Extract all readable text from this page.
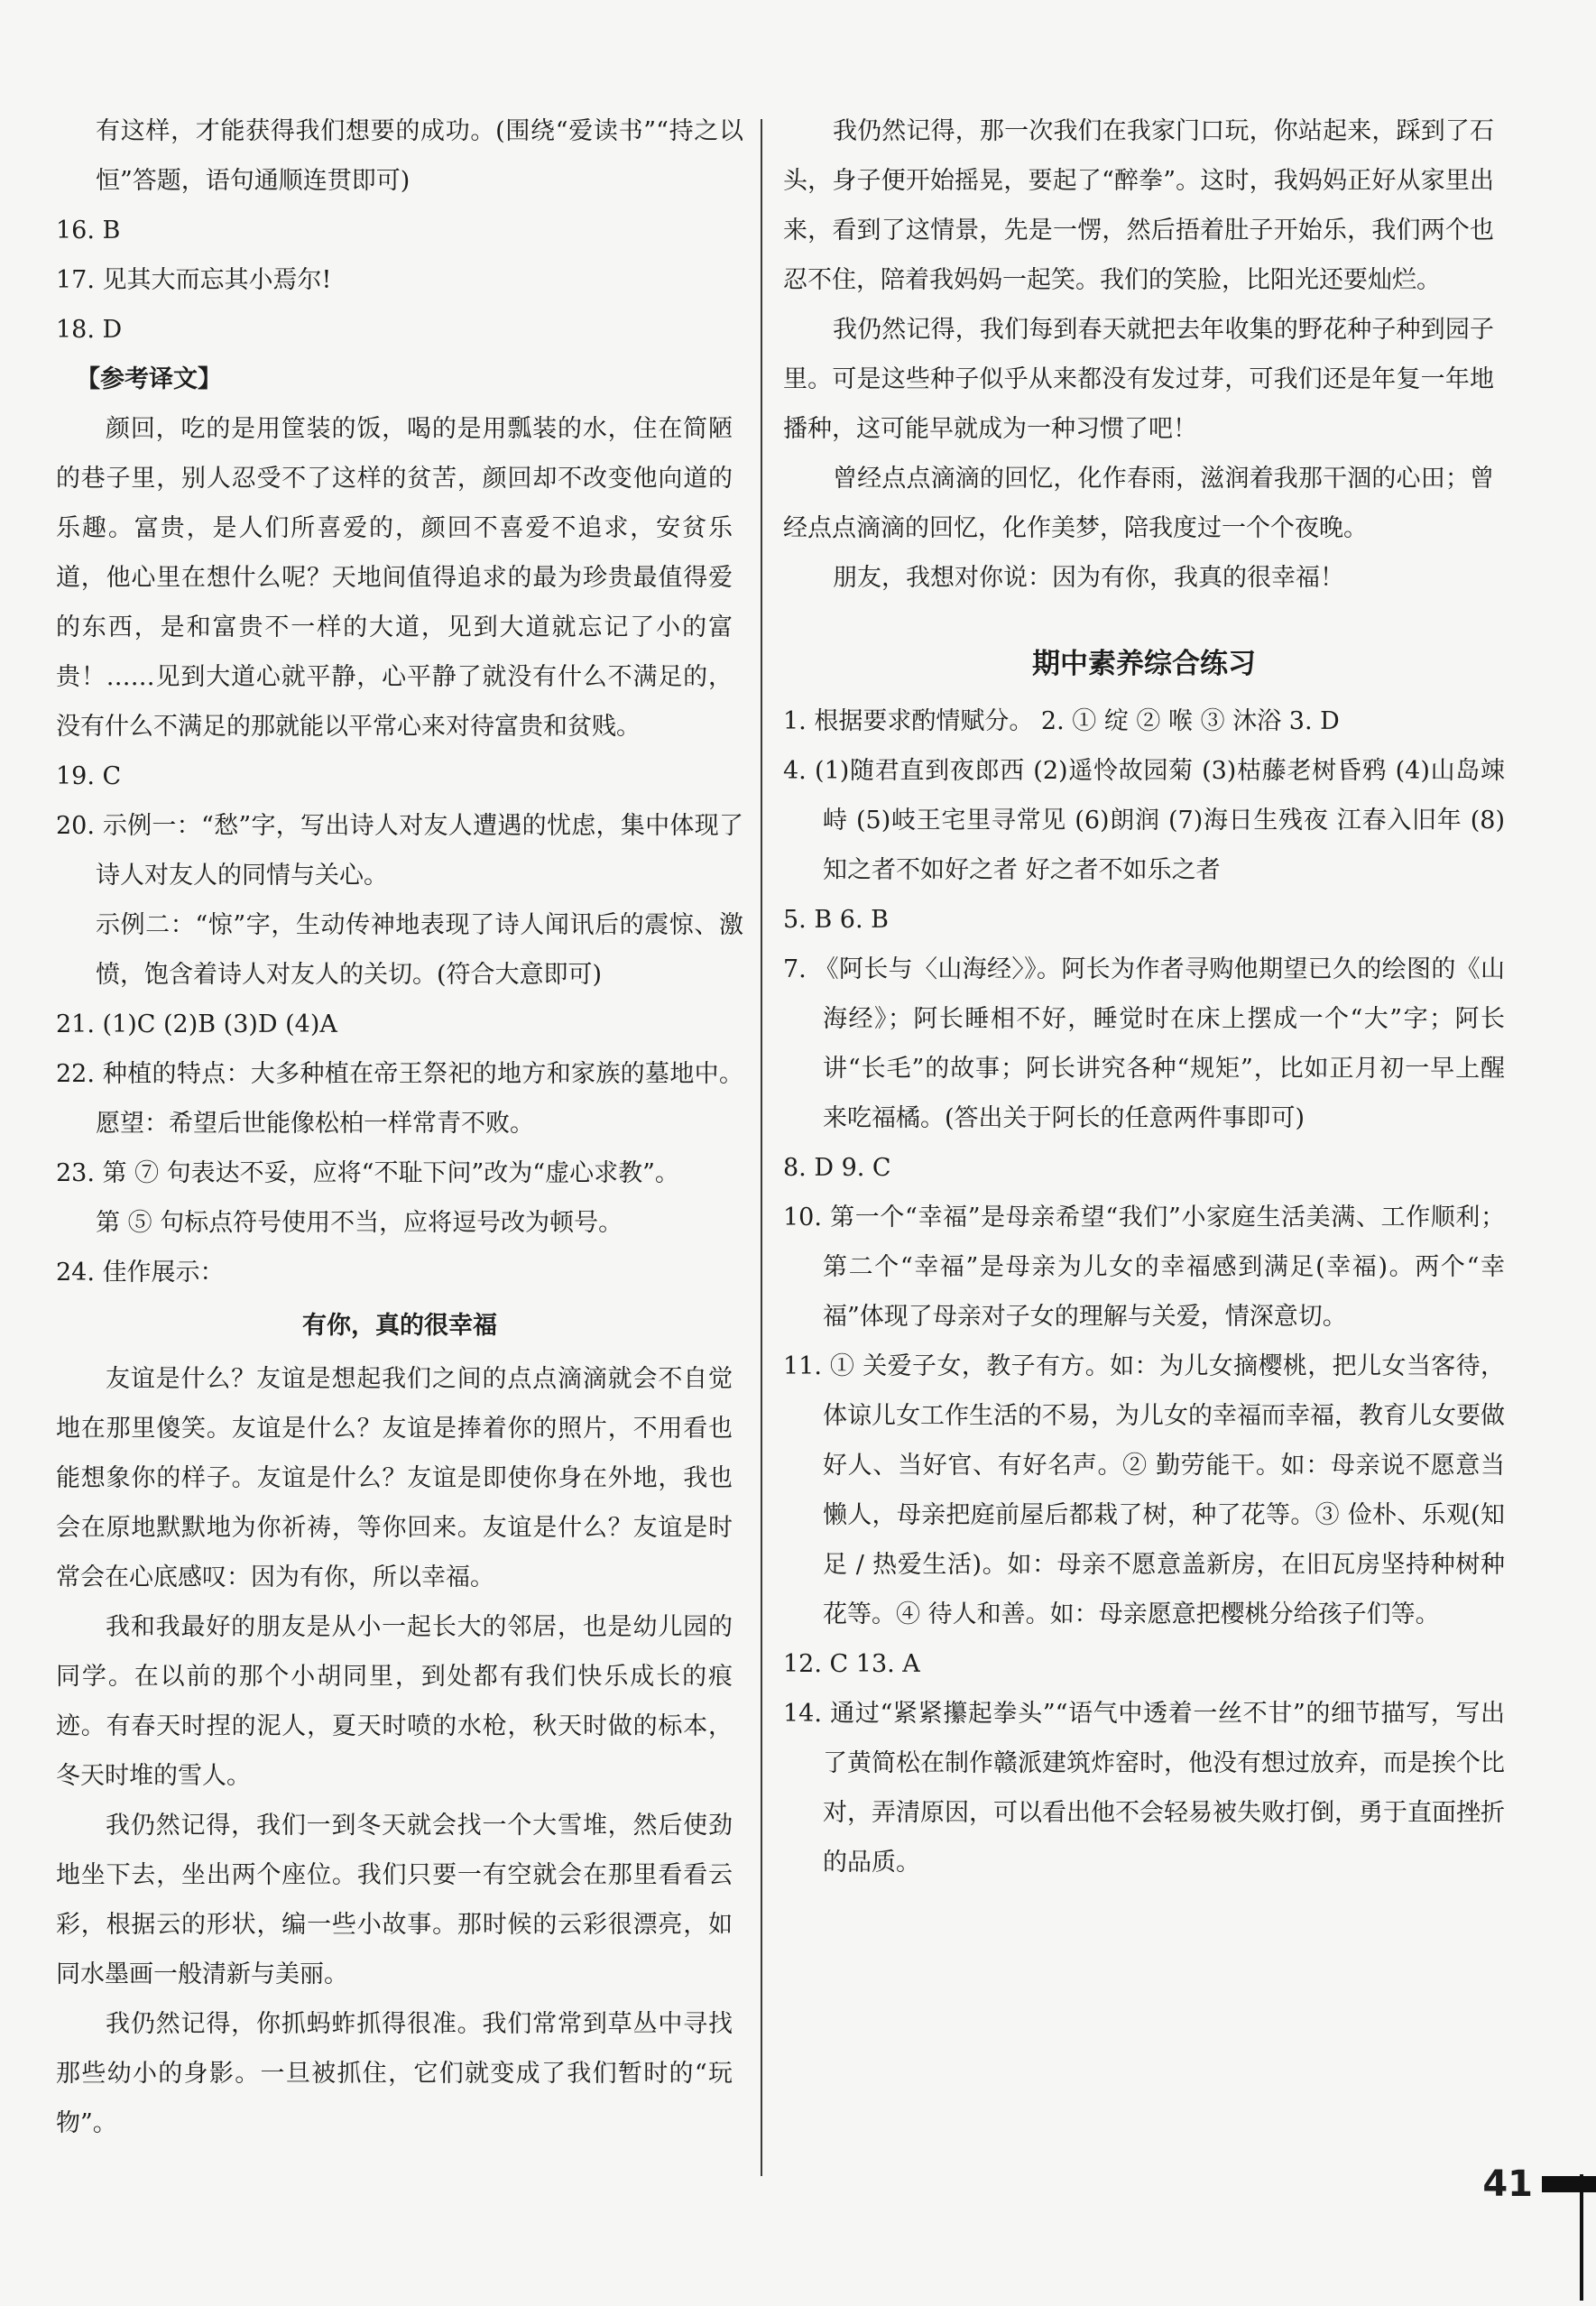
有这样，才能获得我们想要的成功。(围绕“爱读书”“持之以恒”答题，语句通顺连贯即可)

16. B

17. 见其大而忘其小焉尔!

18. D

【参考译文】

颜回，吃的是用筐装的饭，喝的是用瓢装的水，住在简陋的巷子里，别人忍受不了这样的贫苦，颜回却不改变他向道的乐趣。富贵，是人们所喜爱的，颜回不喜爱不追求，安贫乐道，他心里在想什么呢？天地间值得追求的最为珍贵最值得爱的东西，是和富贵不一样的大道，见到大道就忘记了小的富贵！……见到大道心就平静，心平静了就没有什么不满足的，没有什么不满足的那就能以平常心来对待富贵和贫贱。

19. C

20. 示例一：“愁”字，写出诗人对友人遭遇的忧虑，集中体现了诗人对友人的同情与关心。

示例二：“惊”字，生动传神地表现了诗人闻讯后的震惊、激愤，饱含着诗人对友人的关切。(符合大意即可)

21. (1)C (2)B (3)D (4)A

22. 种植的特点：大多种植在帝王祭祀的地方和家族的墓地中。愿望：希望后世能像松柏一样常青不败。

23. 第 ⑦ 句表达不妥，应将“不耻下问”改为“虚心求教”。

第 ⑤ 句标点符号使用不当，应将逗号改为顿号。

24. 佳作展示：

有你，真的很幸福

友谊是什么？友谊是想起我们之间的点点滴滴就会不自觉地在那里傻笑。友谊是什么？友谊是捧着你的照片，不用看也能想象你的样子。友谊是什么？友谊是即使你身在外地，我也会在原地默默地为你祈祷，等你回来。友谊是什么？友谊是时常会在心底感叹：因为有你，所以幸福。

我和我最好的朋友是从小一起长大的邻居，也是幼儿园的同学。在以前的那个小胡同里，到处都有我们快乐成长的痕迹。有春天时捏的泥人，夏天时喷的水枪，秋天时做的标本，冬天时堆的雪人。

我仍然记得，我们一到冬天就会找一个大雪堆，然后使劲地坐下去，坐出两个座位。我们只要一有空就会在那里看看云彩，根据云的形状，编一些小故事。那时候的云彩很漂亮，如同水墨画一般清新与美丽。

我仍然记得，你抓蚂蚱抓得很准。我们常常到草丛中寻找那些幼小的身影。一旦被抓住，它们就变成了我们暂时的“玩物”。

我仍然记得，那一次我们在我家门口玩，你站起来，踩到了石头，身子便开始摇晃，要起了“醉拳”。这时，我妈妈正好从家里出来，看到了这情景，先是一愣，然后捂着肚子开始乐，我们两个也忍不住，陪着我妈妈一起笑。我们的笑脸，比阳光还要灿烂。

我仍然记得，我们每到春天就把去年收集的野花种子种到园子里。可是这些种子似乎从来都没有发过芽，可我们还是年复一年地播种，这可能早就成为一种习惯了吧！

曾经点点滴滴的回忆，化作春雨，滋润着我那干涸的心田；曾经点点滴滴的回忆，化作美梦，陪我度过一个个夜晚。

朋友，我想对你说：因为有你，我真的很幸福！

期中素养综合练习

1. 根据要求酌情赋分。 2. ① 绽 ② 喉 ③ 沐浴 3. D

4. (1)随君直到夜郎西 (2)遥怜故园菊 (3)枯藤老树昏鸦 (4)山岛竦峙 (5)岐王宅里寻常见 (6)朗润 (7)海日生残夜 江春入旧年 (8)知之者不如好之者 好之者不如乐之者

5. B 6. B

7. 《阿长与〈山海经〉》。阿长为作者寻购他期望已久的绘图的《山海经》；阿长睡相不好，睡觉时在床上摆成一个“大”字；阿长讲“长毛”的故事；阿长讲究各种“规矩”，比如正月初一早上醒来吃福橘。(答出关于阿长的任意两件事即可)

8. D 9. C

10. 第一个“幸福”是母亲希望“我们”小家庭生活美满、工作顺利；第二个“幸福”是母亲为儿女的幸福感到满足(幸福)。两个“幸福”体现了母亲对子女的理解与关爱，情深意切。

11. ① 关爱子女，教子有方。如：为儿女摘樱桃，把儿女当客待，体谅儿女工作生活的不易，为儿女的幸福而幸福，教育儿女要做好人、当好官、有好名声。② 勤劳能干。如：母亲说不愿意当懒人，母亲把庭前屋后都栽了树，种了花等。③ 俭朴、乐观(知足 / 热爱生活)。如：母亲不愿意盖新房，在旧瓦房坚持种树种花等。④ 待人和善。如：母亲愿意把樱桃分给孩子们等。

12. C 13. A

14. 通过“紧紧攥起拳头”“语气中透着一丝不甘”的细节描写，写出了黄简松在制作赣派建筑炸窑时，他没有想过放弃，而是挨个比对，弄清原因，可以看出他不会轻易被失败打倒，勇于直面挫折的品质。

41
